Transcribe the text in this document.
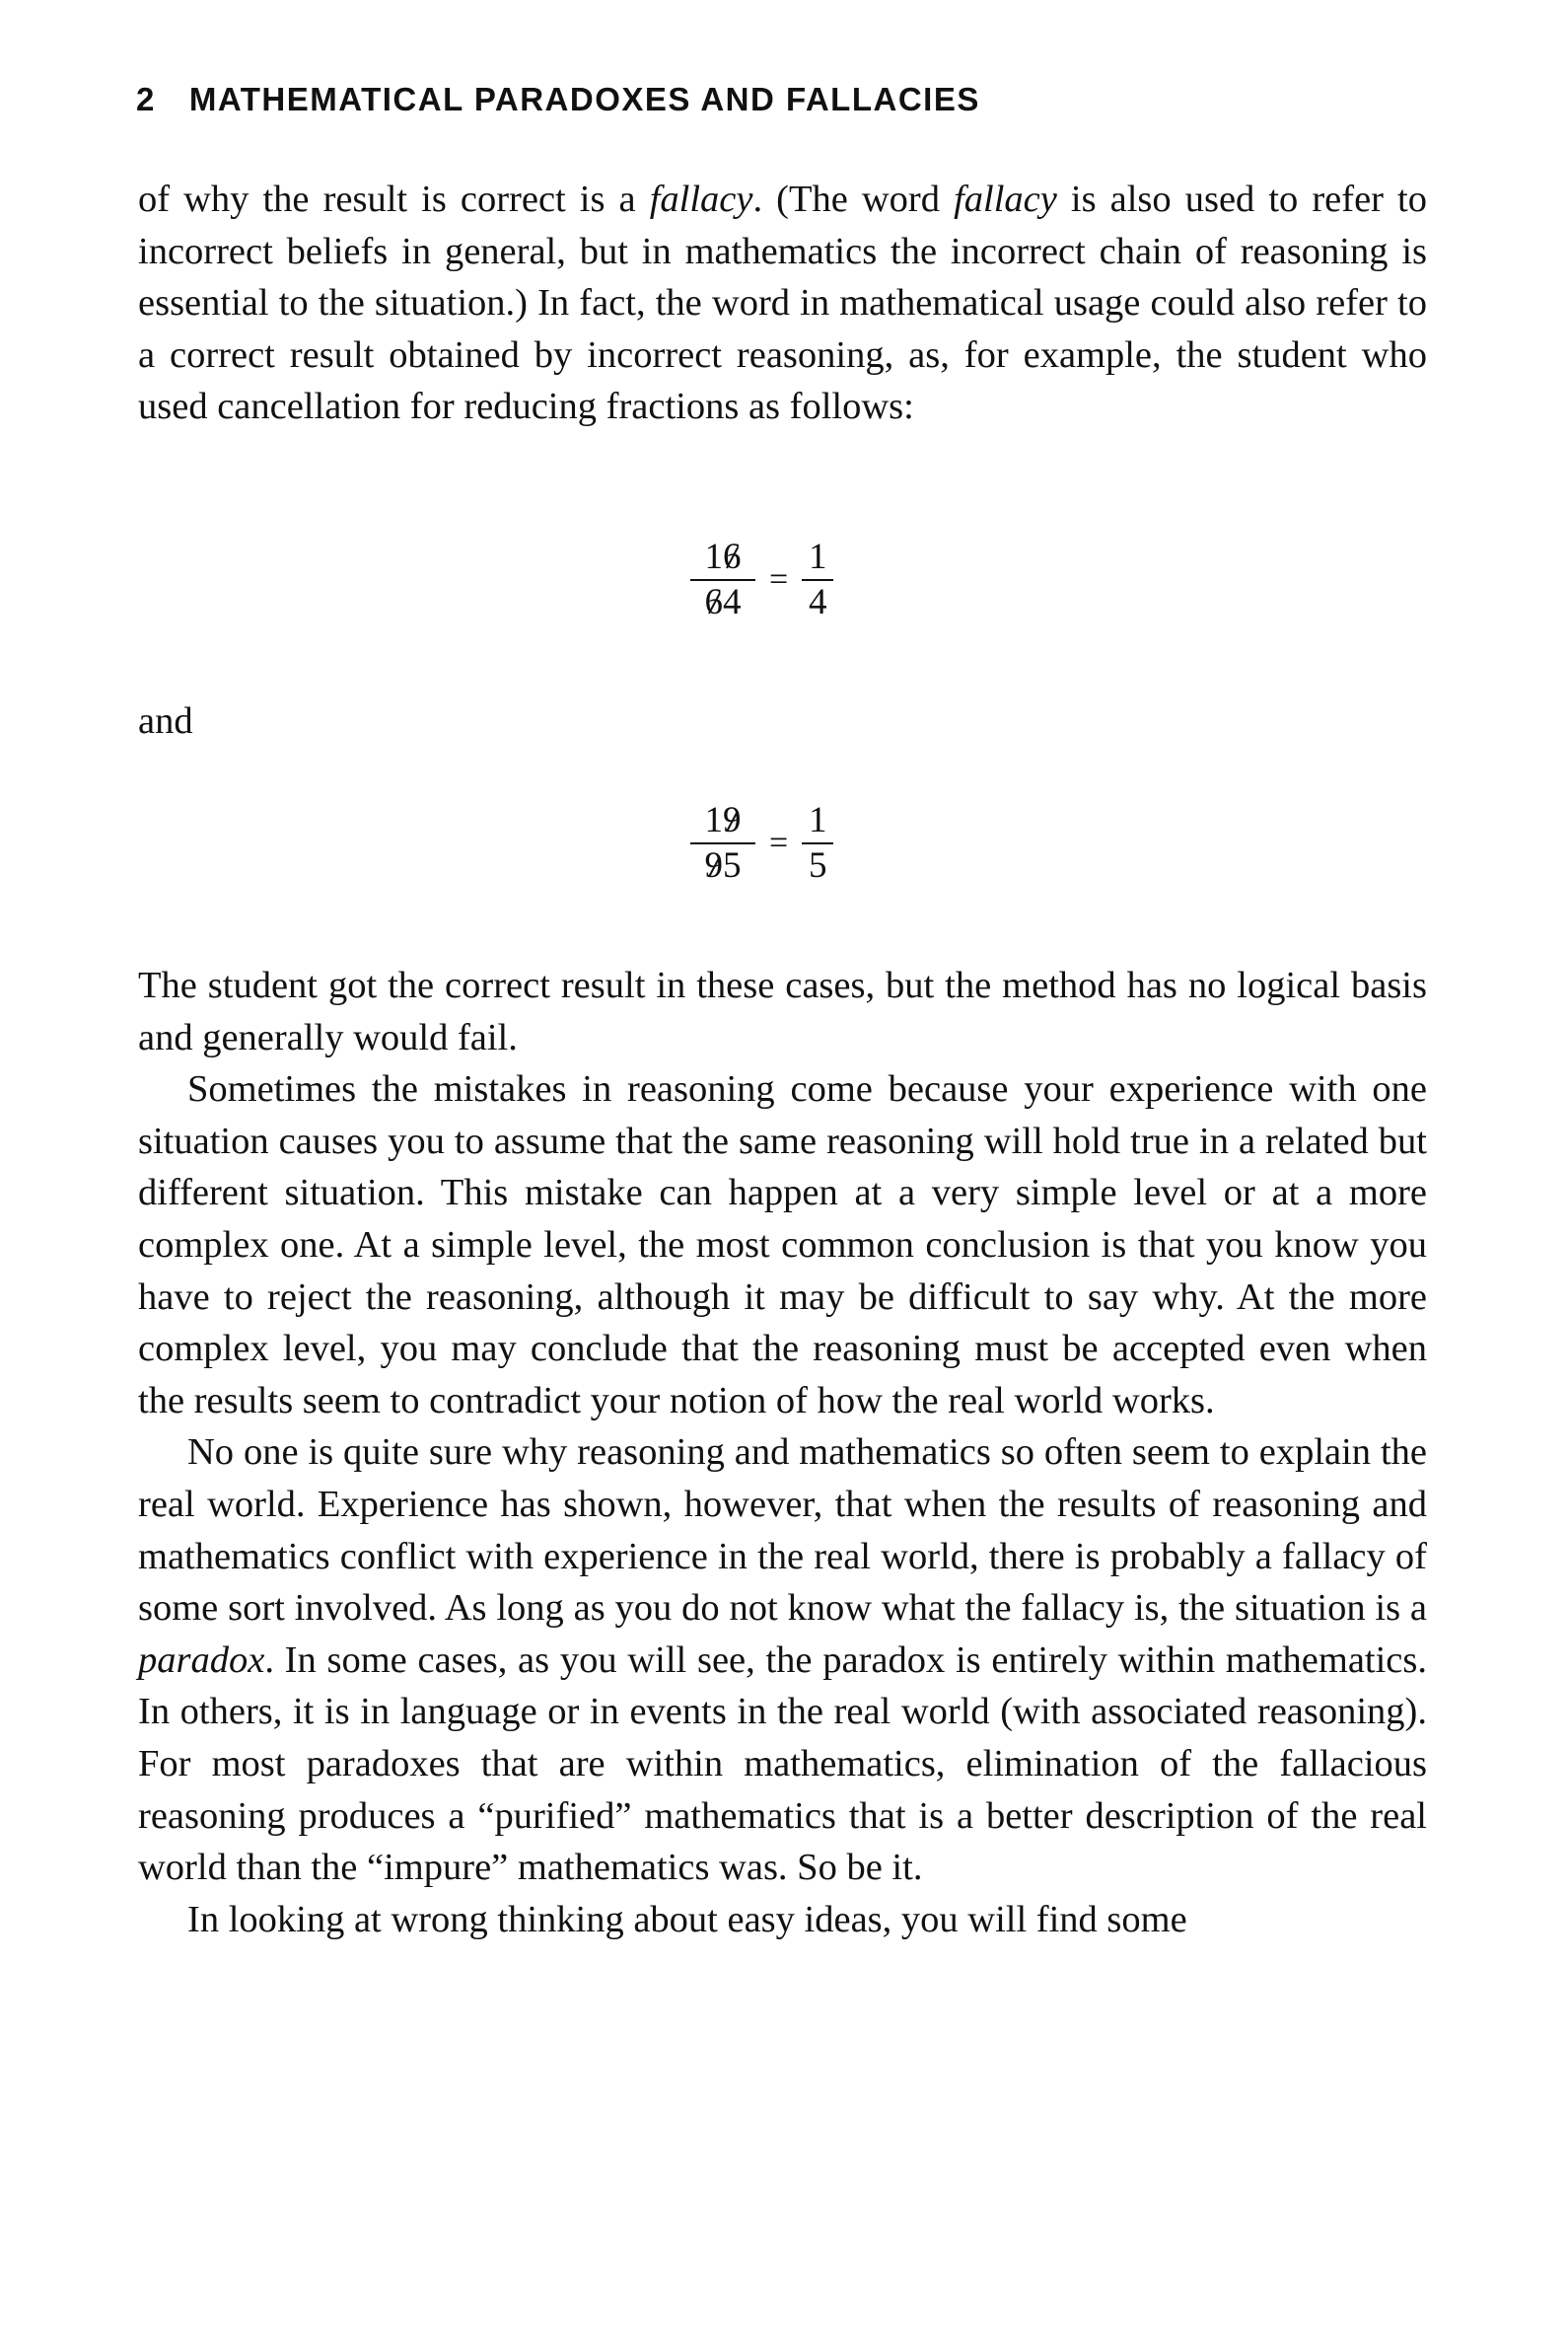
2 MATHEMATICAL PARADOXES AND FALLACIES

of why the result is correct is a fallacy. (The word fallacy is also used to refer to incorrect beliefs in general, but in mathematics the incorrect chain of reasoning is essential to the situation.) In fact, the word in mathematical usage could also refer to a correct result obtained by incorrect reasoning, as, for example, the student who used cancellation for reducing fractions as follows:

$\frac{16}{64} = \frac{1}{4}$
and
$\frac{19}{95} = \frac{1}{5}$

The student got the correct result in these cases, but the method has no logical basis and generally would fail.

Sometimes the mistakes in reasoning come because your experience with one situation causes you to assume that the same reasoning will hold true in a related but different situation. This mistake can happen at a very simple level or at a more complex one. At a simple level, the most common conclusion is that you know you have to reject the reasoning, although it may be difficult to say why. At the more complex level, you may conclude that the reasoning must be accepted even when the results seem to contradict your notion of how the real world works.

No one is quite sure why reasoning and mathematics so often seem to explain the real world. Experience has shown, however, that when the results of reasoning and mathematics conflict with experience in the real world, there is probably a fallacy of some sort involved. As long as you do not know what the fallacy is, the situation is a paradox. In some cases, as you will see, the paradox is entirely within mathematics. In others, it is in language or in events in the real world (with associated reasoning). For most paradoxes that are within mathematics, elimination of the fallacious reasoning produces a “purified” mathematics that is a better description of the real world than the “impure” mathematics was. So be it.

In looking at wrong thinking about easy ideas, you will find some
